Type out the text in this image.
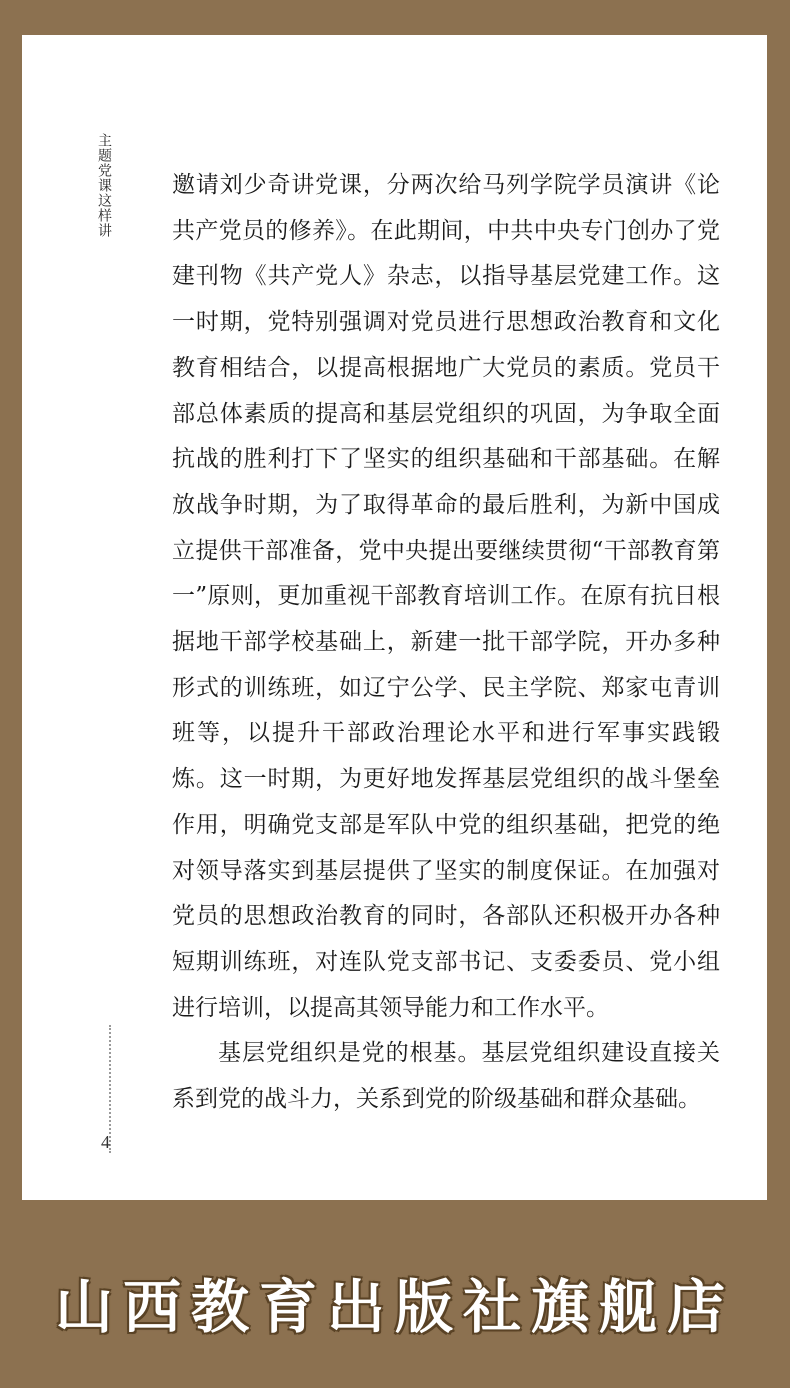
主题党课这样讲	邀请刘少奇讲党课，分两次给马列学院学员演讲《论共产党员的修养》。在此期间，中共中央专门创办了党建刊物《共产党人》杂志，以指导基层党建工作。这一时期，党特别强调对党员进行思想政治教育和文化教育相结合，以提高根据地广大党员的素质。党员干部总体素质的提高和基层党组织的巩固，为争取全面抗战的胜利打下了坚实的组织基础和干部基础。在解放战争时期，为了取得革命的最后胜利，为新中国成立提供干部准备，党中央提出要继续贯彻“干部教育第一”原则，更加重视干部教育培训工作。在原有抗日根据地干部学校基础上，新建一批干部学院，开办多种形式的训练班，如辽宁公学、民主学院、郑家屯青训班等，以提升干部政治理论水平和进行军事实践锻炼。这一时期，为更好地发挥基层党组织的战斗堡垒作用，明确党支部是军队中党的组织基础，把党的绝对领导落实到基层提供了坚实的制度保证。在加强对党员的思想政治教育的同时，各部队还积极开办各种短期训练班，对连队党支部书记、支委委员、党小组进行培训，以提高其领导能力和工作水平。

基层党组织是党的根基。基层党组织建设直接关系到党的战斗力，关系到党的阶级基础和群众基础。

4
山西教育出版社旗舰店
